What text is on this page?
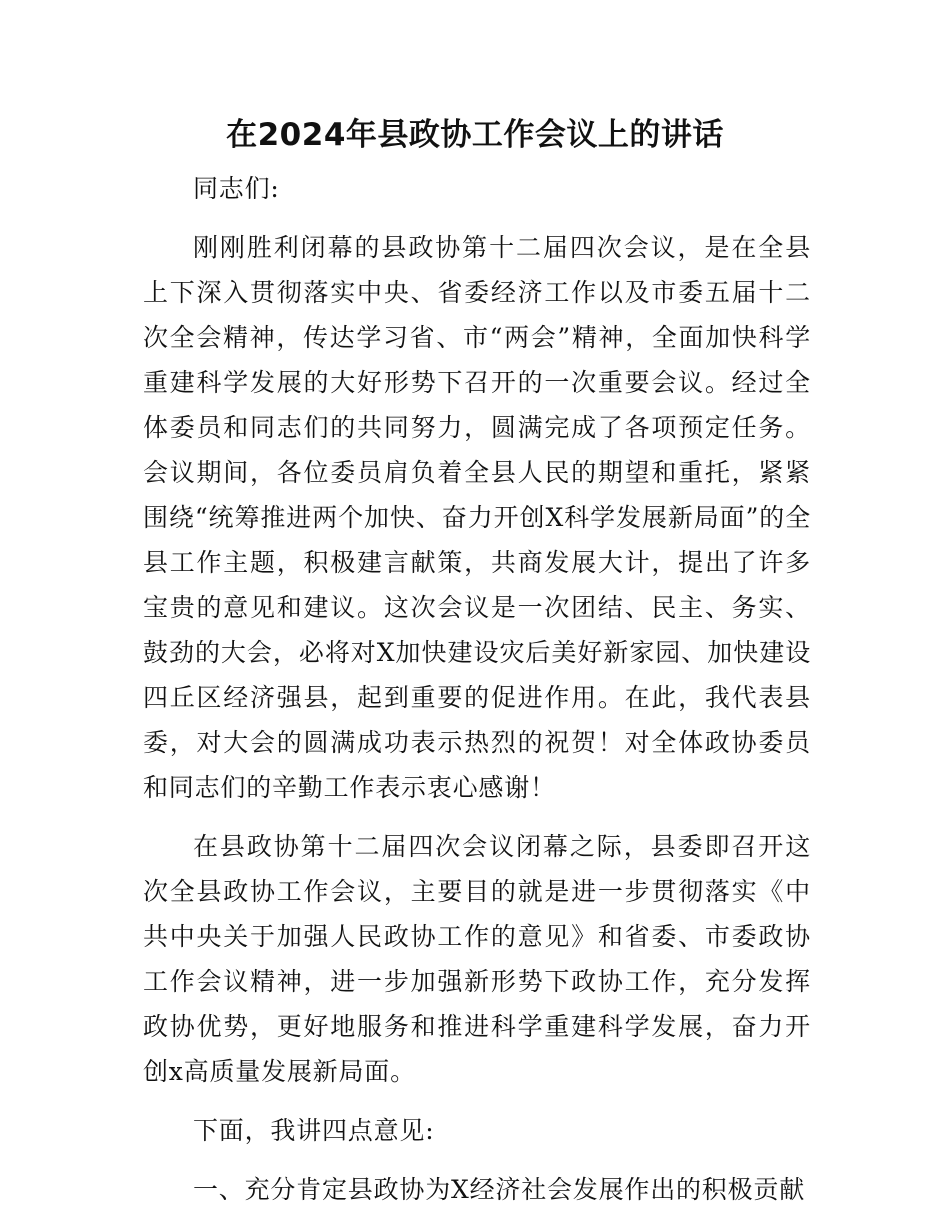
在2024年县政协工作会议上的讲话

同志们:

刚刚胜利闭幕的县政协第十二届四次会议，是在全县上下深入贯彻落实中央、省委经济工作以及市委五届十二次全会精神，传达学习省、市“两会”精神，全面加快科学重建科学发展的大好形势下召开的一次重要会议。经过全体委员和同志们的共同努力，圆满完成了各项预定任务。会议期间，各位委员肩负着全县人民的期望和重托，紧紧围绕“统筹推进两个加快、奋力开创X科学发展新局面”的全县工作主题，积极建言献策，共商发展大计，提出了许多宝贵的意见和建议。这次会议是一次团结、民主、务实、鼓劲的大会，必将对X加快建设灾后美好新家园、加快建设四丘区经济强县，起到重要的促进作用。在此，我代表县委，对大会的圆满成功表示热烈的祝贺！对全体政协委员和同志们的辛勤工作表示衷心感谢！

在县政协第十二届四次会议闭幕之际，县委即召开这次全县政协工作会议，主要目的就是进一步贯彻落实《中共中央关于加强人民政协工作的意见》和省委、市委政协工作会议精神，进一步加强新形势下政协工作，充分发挥政协优势，更好地服务和推进科学重建科学发展，奋力开创x高质量发展新局面。

下面，我讲四点意见:

一、充分肯定县政协为X经济社会发展作出的积极贡献
